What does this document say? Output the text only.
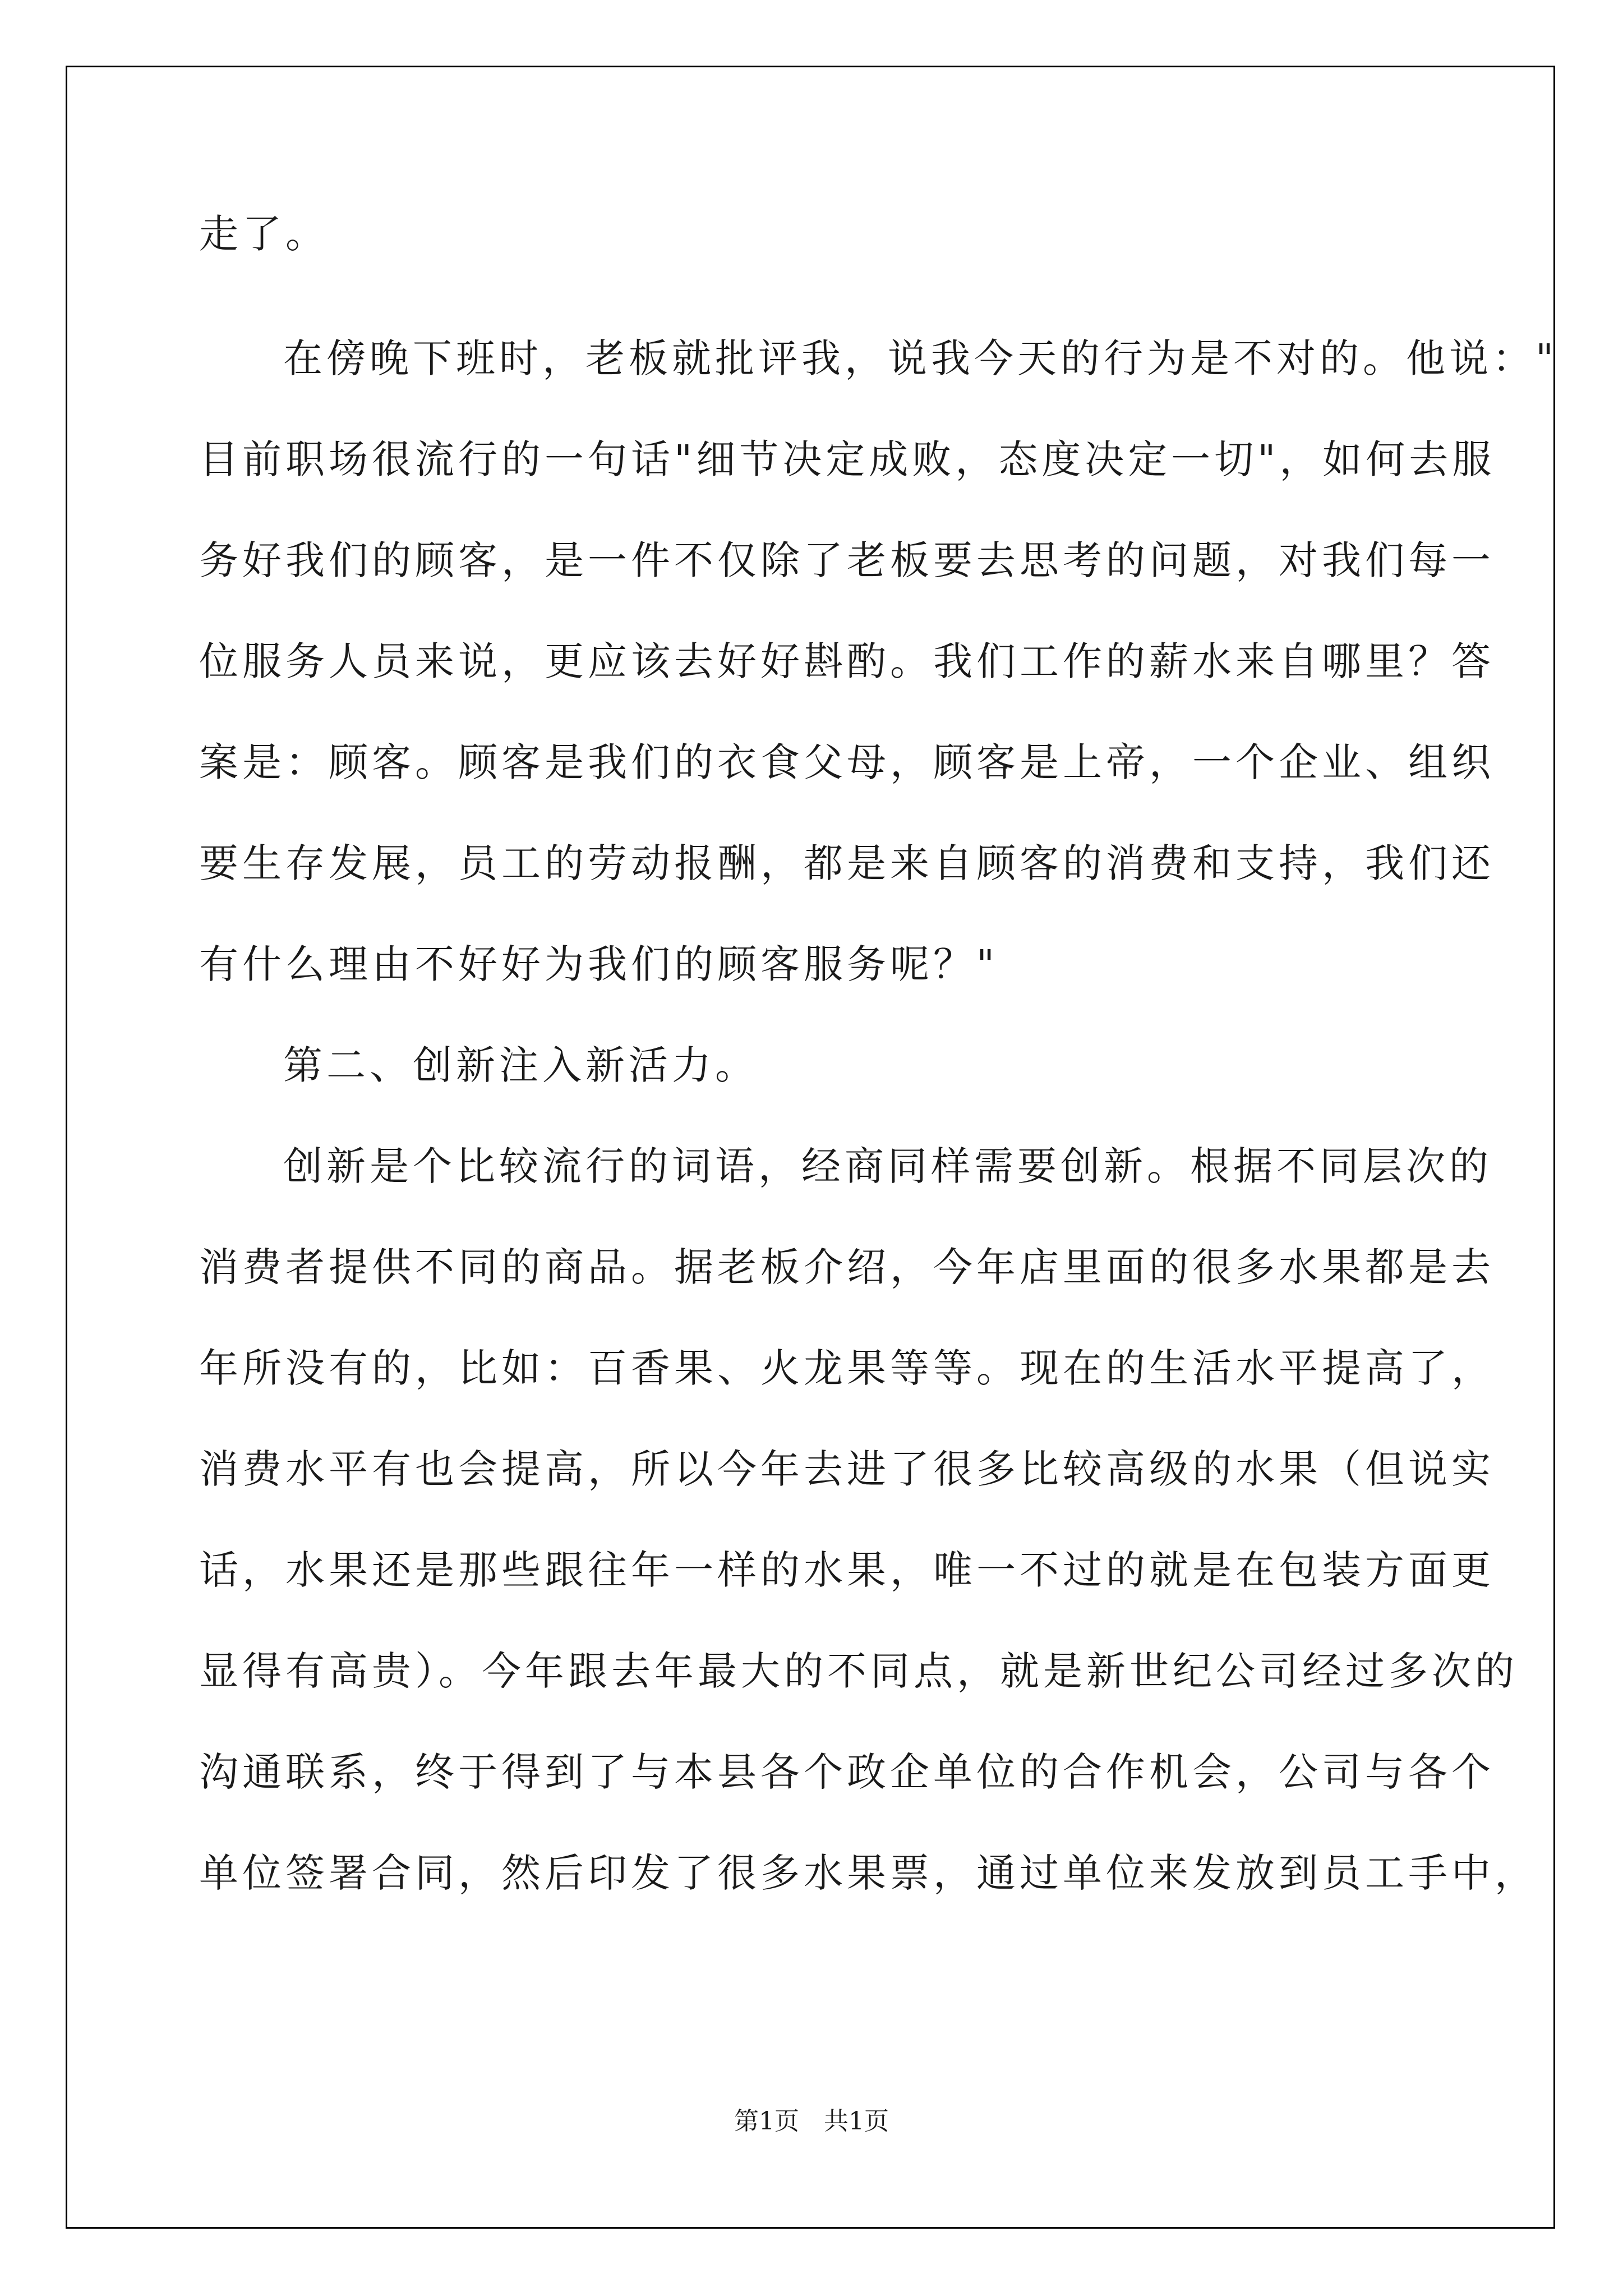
走了。
在傍晚下班时，老板就批评我，说我今天的行为是不对的。他说："
目前职场很流行的一句话"细节决定成败，态度决定一切"，如何去服
务好我们的顾客，是一件不仅除了老板要去思考的问题，对我们每一
位服务人员来说，更应该去好好斟酌。我们工作的薪水来自哪里？答
案是：顾客。顾客是我们的衣食父母，顾客是上帝，一个企业、组织
要生存发展，员工的劳动报酬，都是来自顾客的消费和支持，我们还
有什么理由不好好为我们的顾客服务呢？"
第二、创新注入新活力。
创新是个比较流行的词语，经商同样需要创新。根据不同层次的
消费者提供不同的商品。据老板介绍，今年店里面的很多水果都是去
年所没有的，比如：百香果、火龙果等等。现在的生活水平提高了，
消费水平有也会提高，所以今年去进了很多比较高级的水果（但说实
话，水果还是那些跟往年一样的水果，唯一不过的就是在包装方面更
显得有高贵）。今年跟去年最大的不同点，就是新世纪公司经过多次的
沟通联系，终于得到了与本县各个政企单位的合作机会，公司与各个
单位签署合同，然后印发了很多水果票，通过单位来发放到员工手中，
第1页　共1页
